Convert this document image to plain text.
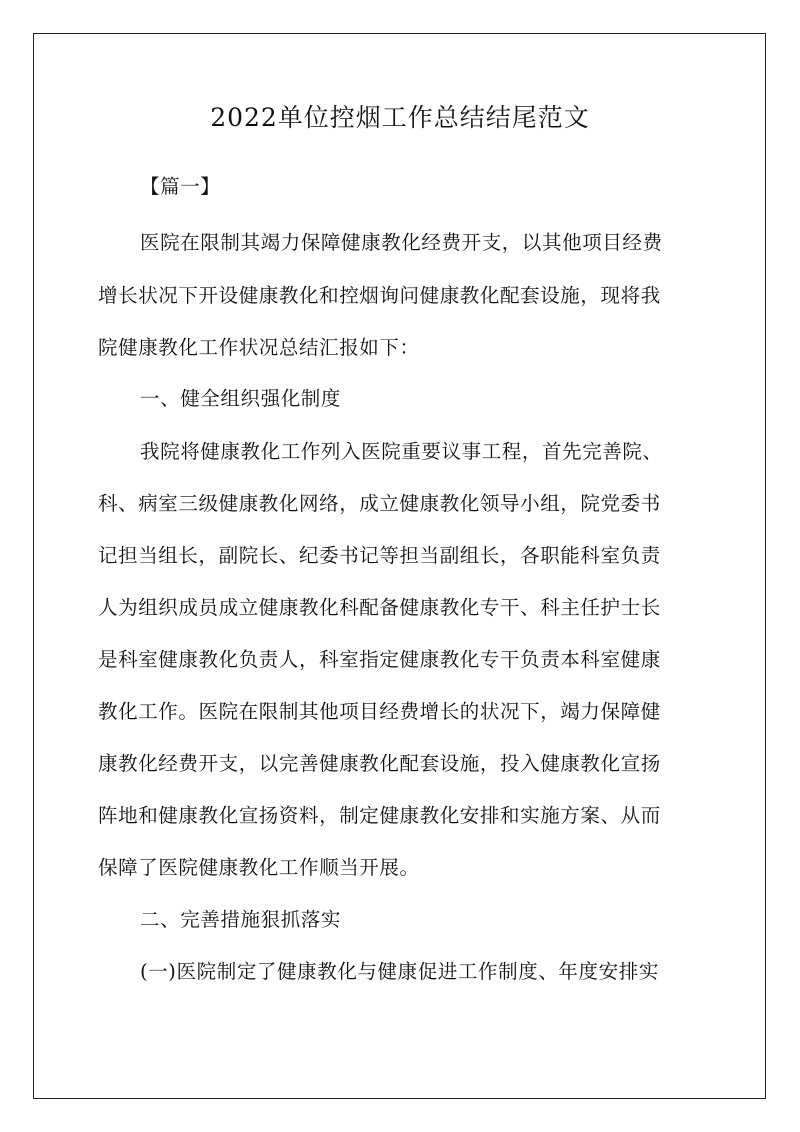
2022单位控烟工作总结结尾范文
【篇一】
医院在限制其竭力保障健康教化经费开支，以其他项目经费
增长状况下开设健康教化和控烟询问健康教化配套设施，现将我
院健康教化工作状况总结汇报如下：
一、健全组织强化制度
我院将健康教化工作列入医院重要议事工程，首先完善院、
科、病室三级健康教化网络，成立健康教化领导小组，院党委书
记担当组长，副院长、纪委书记等担当副组长，各职能科室负责
人为组织成员成立健康教化科配备健康教化专干、科主任护士长
是科室健康教化负责人，科室指定健康教化专干负责本科室健康
教化工作。医院在限制其他项目经费增长的状况下，竭力保障健
康教化经费开支，以完善健康教化配套设施，投入健康教化宣扬
阵地和健康教化宣扬资料，制定健康教化安排和实施方案、从而
保障了医院健康教化工作顺当开展。
二、完善措施狠抓落实
(一)医院制定了健康教化与健康促进工作制度、年度安排实
